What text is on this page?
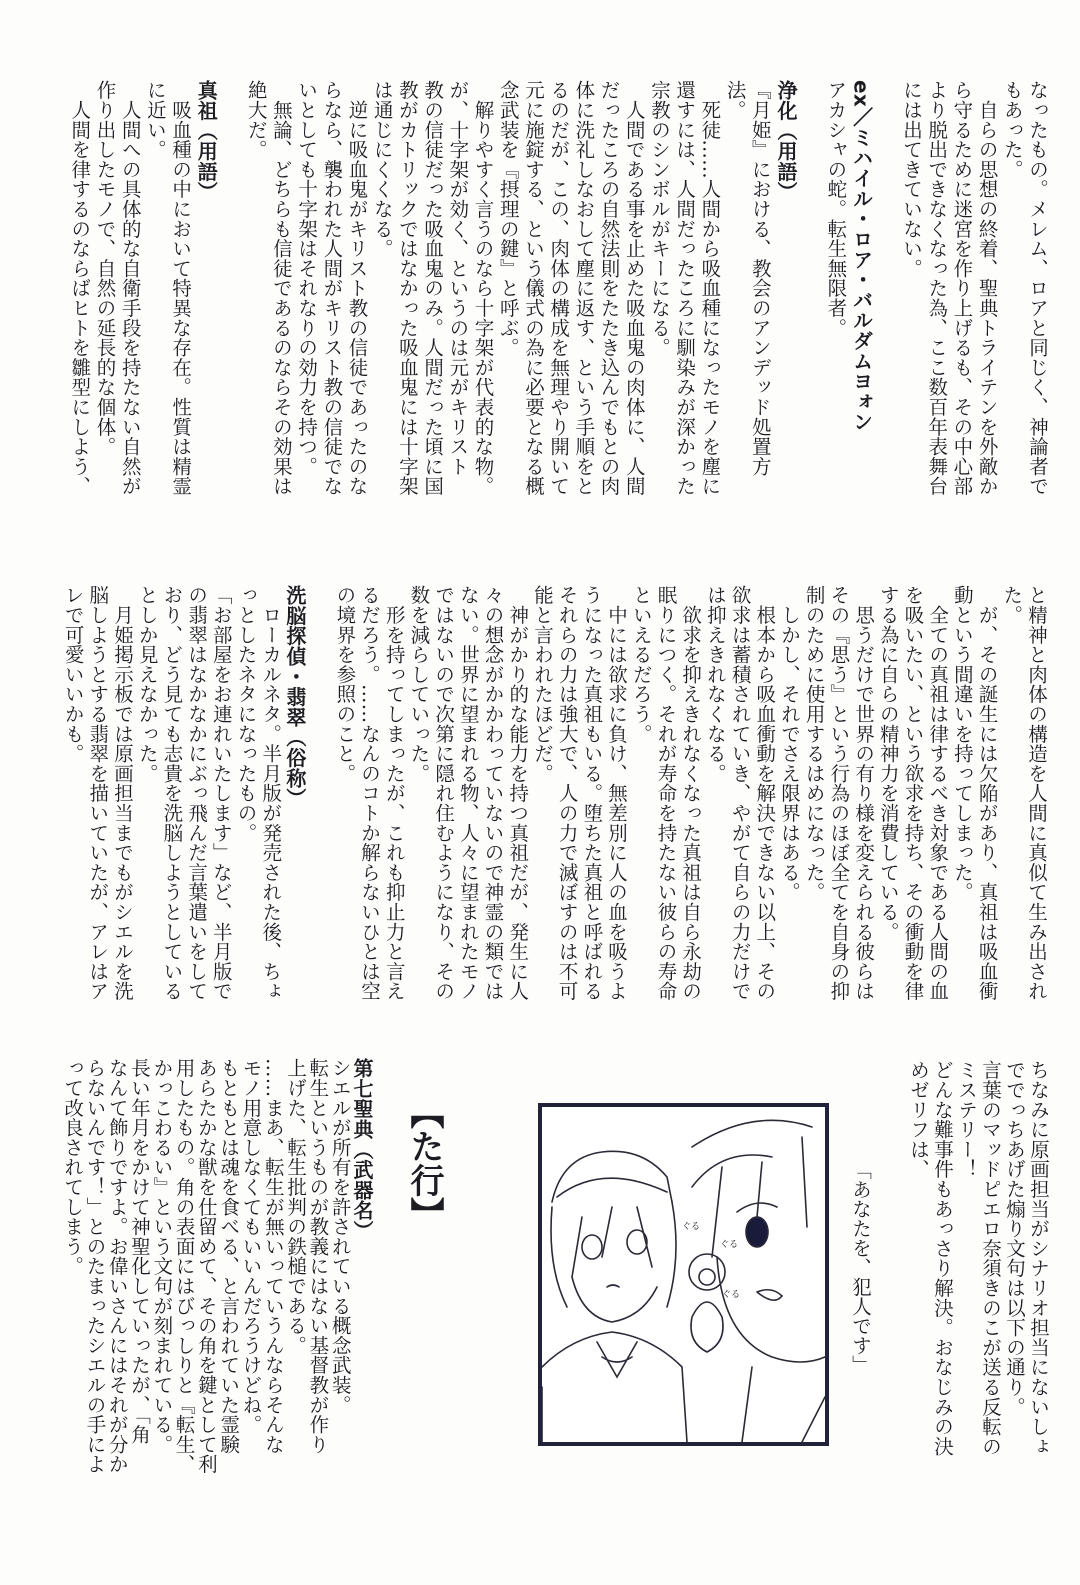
なったもの。メレム、ロアと同じく、神論者で
もあった。
　自らの思想の終着、聖典トライテンを外敵か
ら守るために迷宮を作り上げるも、その中心部
より脱出できなくなった為、ここ数百年表舞台
には出てきていない。

ex／ミハイル・ロア・バルダムヨォン
アカシャの蛇。転生無限者。

浄化（用語）
『月姫』における、教会のアンデッド処置方
法。
　死徒……人間から吸血種になったモノを塵に
還すには、人間だったころに馴染みが深かった
宗教のシンボルがキーになる。
　人間である事を止めた吸血鬼の肉体に、人間
だったころの自然法則をたたき込んでもとの肉
体に洗礼しなおして塵に返す、という手順をと
るのだが、この、肉体の構成を無理やり開いて
元に施錠する、という儀式の為に必要となる概
念武装を『摂理の鍵』と呼ぶ。
　解りやすく言うのなら十字架が代表的な物。
が、十字架が効く、というのは元がキリスト
教の信徒だった吸血鬼のみ。人間だった頃に国
教がカトリックではなかった吸血鬼には十字架
は通じにくくなる。
　逆に吸血鬼がキリスト教の信徒であったのな
らなら、襲われた人間がキリスト教の信徒でな
いとしても十字架はそれなりの効力を持つ。
　無論、どちらも信徒であるのならその効果は
絶大だ。

真祖（用語）
　吸血種の中において特異な存在。性質は精霊
に近い。
　人間への具体的な自衛手段を持たない自然が
作り出したモノで、自然の延長的な個体。
　人間を律するのならばヒトを雛型にしよう、
と精神と肉体の構造を人間に真似て生み出され
た。
　が、その誕生には欠陥があり、真祖は吸血衝
動という間違いを持ってしまった。
　全ての真祖は律するべき対象である人間の血
を吸いたい、という欲求を持ち、その衝動を律
する為に自らの精神力を消費している。
　思うだけで世界の有り様を変えられる彼らは
その『思う』という行為のほぼ全てを自身の抑
制のために使用するはめになった。
　しかし、それでさえ限界はある。
　根本から吸血衝動を解決できない以上、その
欲求は蓄積されていき、やがて自らの力だけで
は抑えきれなくなる。
　欲求を抑えきれなくなった真祖は自ら永劫の
眠りにつく。それが寿命を持たない彼らの寿命
といえるだろう。
　中には欲求に負け、無差別に人の血を吸うよ
うになった真祖もいる。堕ちた真祖と呼ばれる
それらの力は強大で、人の力で滅ぼすのは不可
能と言われたほどだ。
　神がかり的な能力を持つ真祖だが、発生に人
々の想念がかかわっていないので神霊の類では
ない。世界に望まれる物、人々に望まれたモノ
ではないので次第に隠れ住むようになり、その
数を減らしていった。
　形を持ってしまったが、これも抑止力と言え
るだろう。……なんのコトか解らないひとは空
の境界を参照のこと。

洗脳探偵・翡翠（俗称）
　ローカルネタ。半月版が発売された後、ちょ
っとしたネタになったもの。
「お部屋をお連れいたします」など、半月版で
の翡翠はなかなかにぶっ飛んだ言葉遣いをして
おり、どう見ても志貴を洗脳しようとしている
としか見えなかった。
　月姫掲示板では原画担当までもがシエルを洗
脳しようとする翡翠を描いていたが、アレはア
レで可愛いいかも。
ちなみに原画担当がシナリオ担当にないしょ
ででっちあげた煽り文句は以下の通り。
言葉のマッドピエロ奈須きのこが送る反転の
ミステリー！
どんな難事件もあっさり解決。おなじみの決
めゼリフは、
「あなたを、犯人です」
【た行】
第七聖典（武器名）
シエルが所有を許されている概念武装。
転生というものが教義にはない基督教が作り
上げた、転生批判の鉄槌である。
……まあ、転生が無いっていうんならそんな
モノ用意しなくてもいいんだろうけどね。
もともとは魂を食べる、と言われていた霊験
あらたかな獣を仕留めて、その角を鍵として利
用したもの。角の表面にはびっしりと『転生、
かっこわるい』という文句が刻まれている。
長い年月をかけて神聖化していったが、「角
なんて飾りですよ。お偉いさんにはそれが分か
らないんです！」とのたまったシエルの手によ
って改良されてしまう。	ぐる
ぐる
ぐる
